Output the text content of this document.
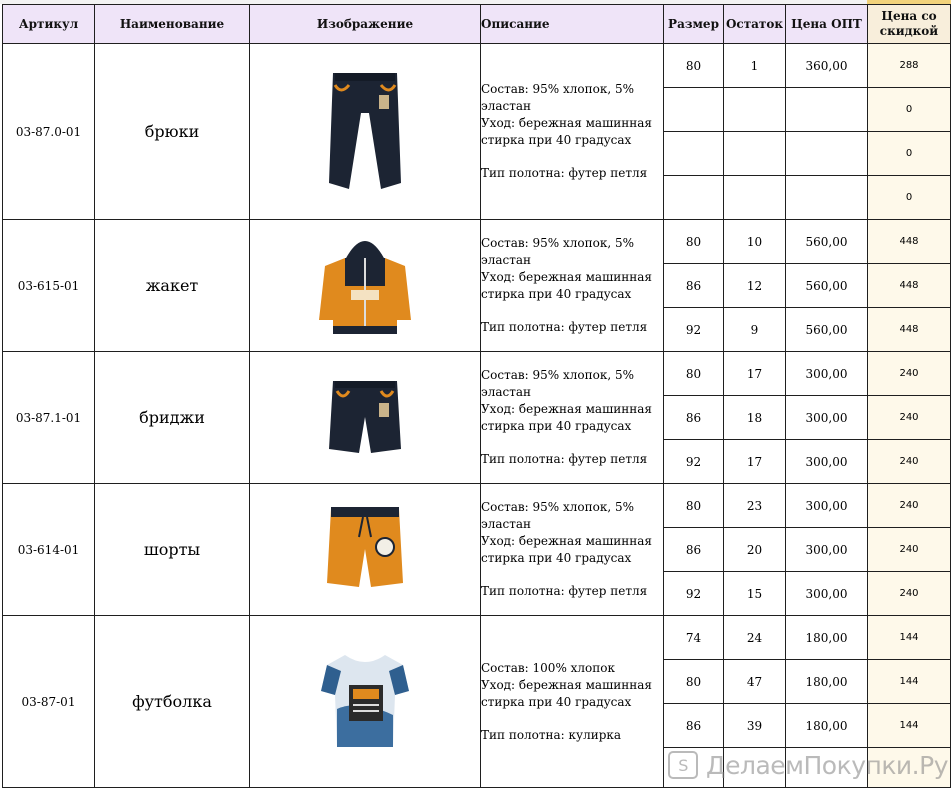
Артикул	Наименование	Изображение	Описание	Размер	Остаток	Цена ОПТ	Цена со скидкой
03-87.0-01	брюки		Состав: 95% хлопок, 5% эластан
Уход: бережная машинная стирка при 40 градусах
Тип полотна: футер петля	80	1	360,00	288
							0
							0
							0
03-615-01	жакет		Состав: 95% хлопок, 5% эластан
Уход: бережная машинная стирка при 40 градусах
Тип полотна: футер петля	80	10	560,00	448
				86	12	560,00	448
				92	9	560,00	448
03-87.1-01	бриджи		Состав: 95% хлопок, 5% эластан
Уход: бережная машинная стирка при 40 градусах
Тип полотна: футер петля	80	17	300,00	240
				86	18	300,00	240
				92	17	300,00	240
03-614-01	шорты		Состав: 95% хлопок, 5% эластан
Уход: бережная машинная стирка при 40 градусах
Тип полотна: футер петля	80	23	300,00	240
				86	20	300,00	240
				92	15	300,00	240
03-87-01	футболка		Состав: 100% хлопок
Уход: бережная машинная стирка при 40 градусах
Тип полотна: кулирка	74	24	180,00	144
				80	47	180,00	144
				86	39	180,00	144

S ДелаемПокупки.Ру
